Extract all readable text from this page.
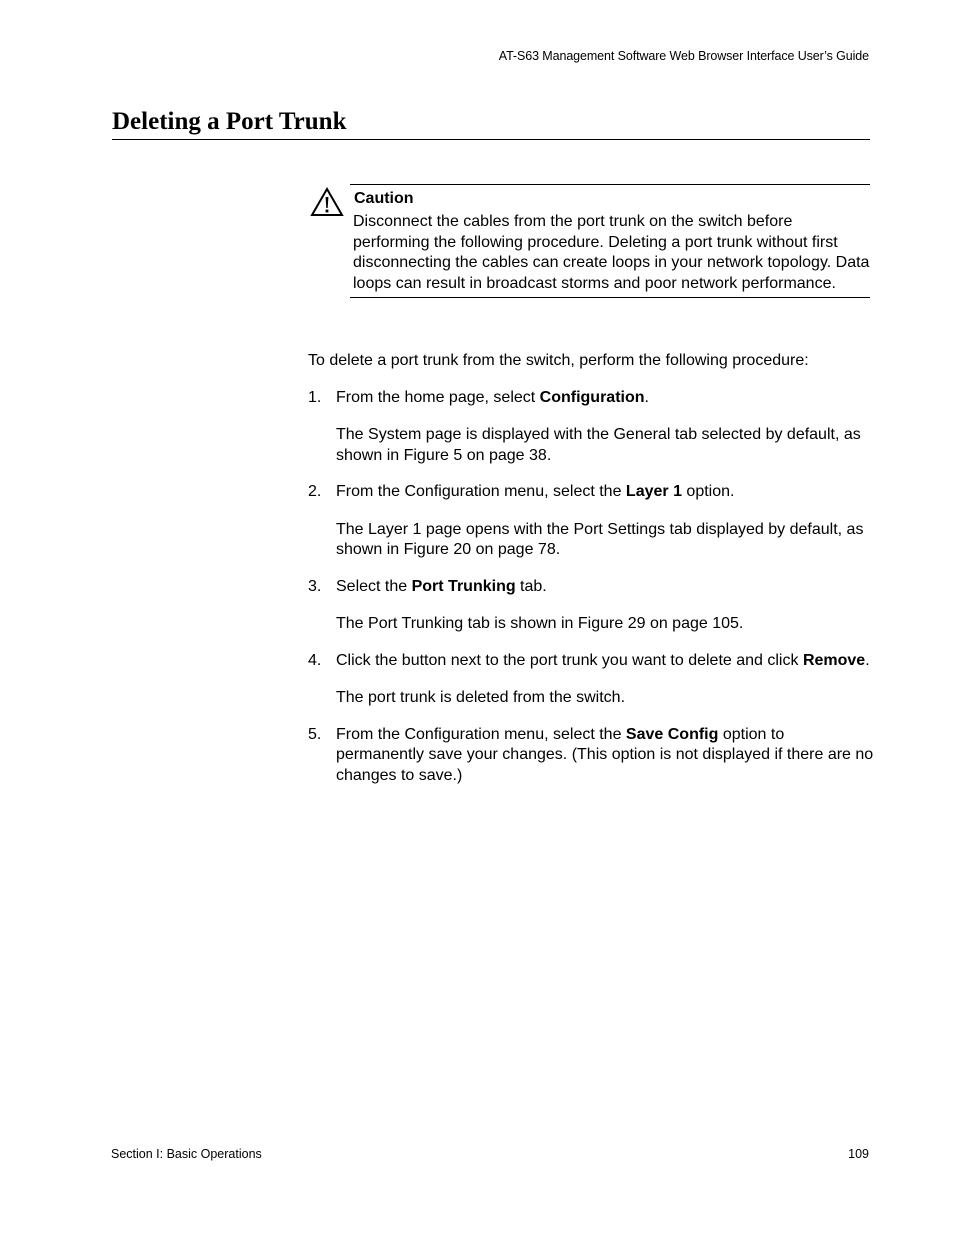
AT-S63 Management Software Web Browser Interface User’s Guide
Deleting a Port Trunk
Caution

Disconnect the cables from the port trunk on the switch before performing the following procedure. Deleting a port trunk without first disconnecting the cables can create loops in your network topology. Data loops can result in broadcast storms and poor network performance.

To delete a port trunk from the switch, perform the following procedure:

1. From the home page, select Configuration.

The System page is displayed with the General tab selected by default, as shown in Figure 5 on page 38.

2. From the Configuration menu, select the Layer 1 option.

The Layer 1 page opens with the Port Settings tab displayed by default, as shown in Figure 20 on page 78.

3. Select the Port Trunking tab.

The Port Trunking tab is shown in Figure 29 on page 105.

4. Click the button next to the port trunk you want to delete and click Remove.

The port trunk is deleted from the switch.

5. From the Configuration menu, select the Save Config option to permanently save your changes. (This option is not displayed if there are no changes to save.)

Section I: Basic Operations	109
